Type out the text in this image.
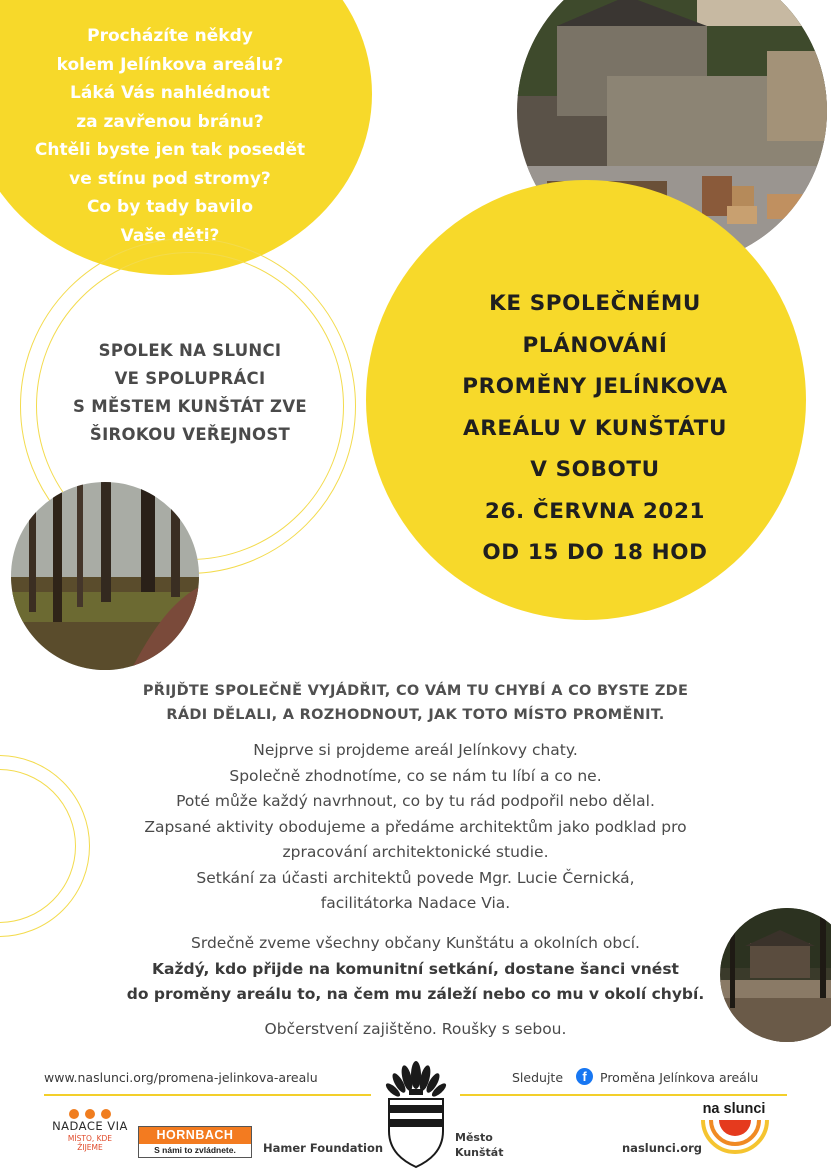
Procházíte někdy
kolem Jelínkova areálu?
Láká Vás nahlédnout
za zavřenou bránu?
Chtěli byste jen tak posedět
ve stínu pod stromy?
Co by tady bavilo
Vaše děti?
SPOLEK NA SLUNCI
VE SPOLUPRÁCI
S MĚSTEM KUNŠTÁT ZVE
ŠIROKOU VEŘEJNOST
KE SPOLEČNÉMU
PLÁNOVÁNÍ
PROMĚNY JELÍNKOVA
AREÁLU V KUNŠTÁTU
V SOBOTU
26. ČERVNA 2021
OD 15 DO 18 HOD
PŘIJĎTE SPOLEČNĚ VYJÁDŘIT, CO VÁM TU CHYBÍ A CO BYSTE ZDE
RÁDI DĚLALI, A ROZHODNOUT, JAK TOTO MÍSTO PROMĚNIT.
Nejprve si projdeme areál Jelínkovy chaty.
Společně zhodnotíme, co se nám tu líbí a co ne.
Poté může každý navrhnout, co by tu rád podpořil nebo dělal.
Zapsané aktivity obodujeme a předáme architektům jako podklad pro
zpracování architektonické studie.
Setkání za účasti architektů povede Mgr. Lucie Černická,
facilitátorka Nadace Via.
Srdečně zveme všechny občany Kunštátu a okolních obcí.
Každý, kdo přijde na komunitní setkání, dostane šanci vnést
do proměny areálu to, na čem mu záleží nebo co mu v okolí chybí.
Občerstvení zajištěno. Roušky s sebou.
www.naslunci.org/promena-jelinkova-arealu	Sledujte	f	Proměna Jelínkova areálu
NADACE VIA
MÍSTO, KDE
ŽIJEME
HORNBACH
S námi to zvládnete.	Hamer Foundation
Město
Kunštát
na slunci
naslunci.org
